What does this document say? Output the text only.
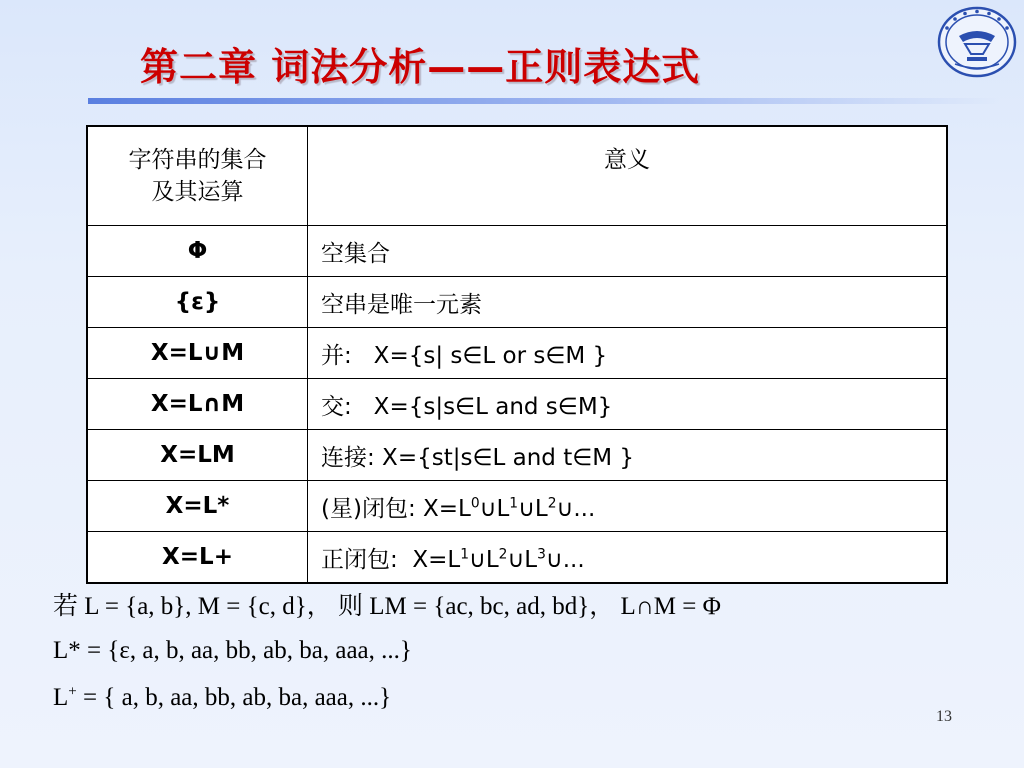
第二章 词法分析——正则表达式
字符串的集合
及其运算	意义
Φ	空集合
{ε}	空串是唯一元素
X=L∪M	并:   X={s| s∈L or s∈M }
X=L∩M	交:   X={s|s∈L and s∈M}
X=LM	连接: X={st|s∈L and t∈M }
X=L*	(星)闭包: $X=L^0\cup L^1\cup L^2\cup$...
X=L+	正闭包:  $X=L^1\cup L^2\cup L^3\cup$...

若 L = {a, b}, M = {c, d}， 则 LM = {ac, bc, ad, bd}， L∩M = Φ

L* = {ε, a, b, aa, bb, ab, ba, aaa, ...}

L+ = { a, b, aa, bb, ab, ba, aaa, ...}

13
